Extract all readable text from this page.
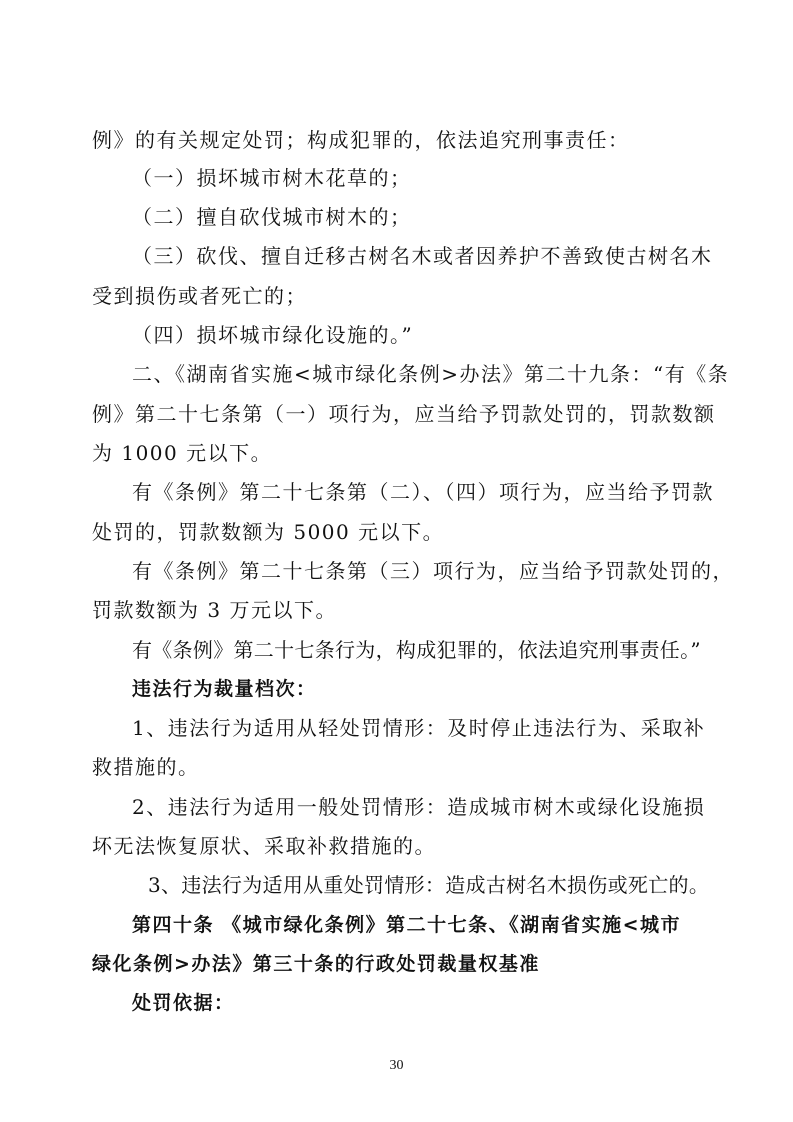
例》的有关规定处罚；构成犯罪的，依法追究刑事责任：
（一）损坏城市树木花草的；
（二）擅自砍伐城市树木的；
（三）砍伐、擅自迁移古树名木或者因养护不善致使古树名木
受到损伤或者死亡的；
（四）损坏城市绿化设施的。”
二、《湖南省实施<城市绿化条例>办法》第二十九条：“有《条
例》第二十七条第（一）项行为，应当给予罚款处罚的，罚款数额
为 1000 元以下。
有《条例》第二十七条第（二）、（四）项行为，应当给予罚款
处罚的，罚款数额为 5000 元以下。
有《条例》第二十七条第（三）项行为，应当给予罚款处罚的，
罚款数额为 3 万元以下。
有《条例》第二十七条行为，构成犯罪的，依法追究刑事责任。”
违法行为裁量档次：
1、违法行为适用从轻处罚情形：及时停止违法行为、采取补
救措施的。
2、违法行为适用一般处罚情形：造成城市树木或绿化设施损
坏无法恢复原状、采取补救措施的。
3、违法行为适用从重处罚情形：造成古树名木损伤或死亡的。
第四十条 《城市绿化条例》第二十七条、《湖南省实施<城市
绿化条例>办法》第三十条的行政处罚裁量权基准
处罚依据：
30
